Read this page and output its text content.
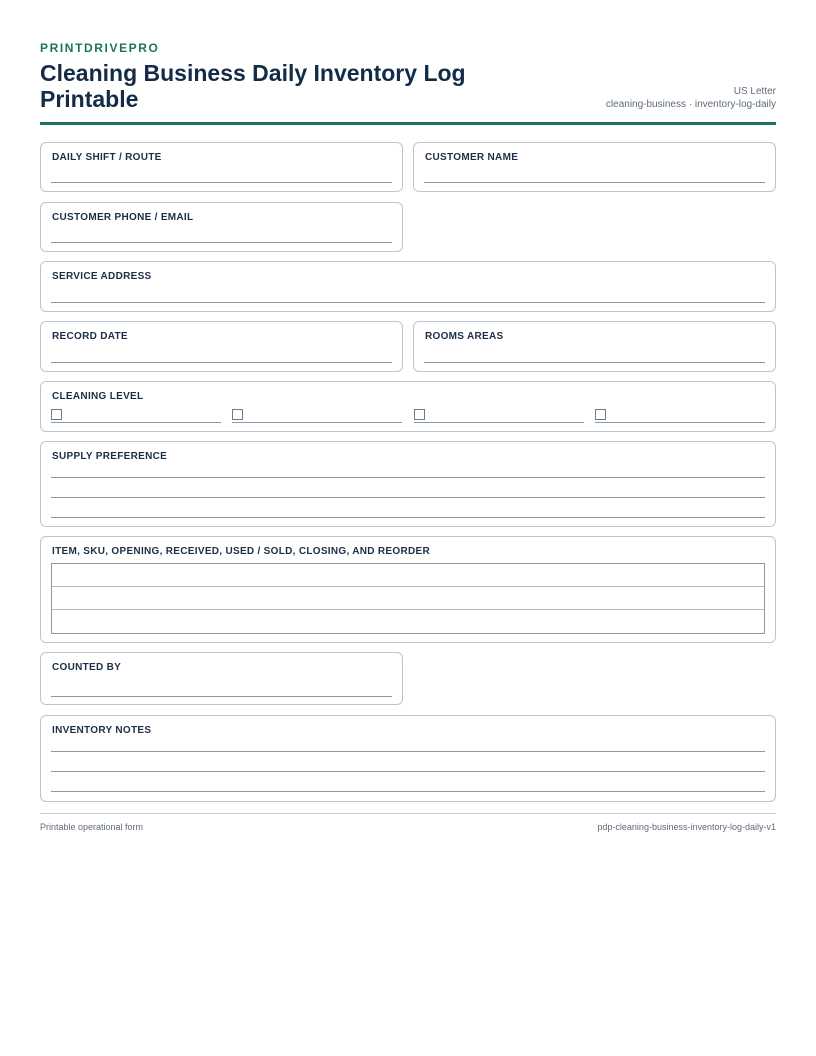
PRINTDRIVEPRO
Cleaning Business Daily Inventory Log Printable	US Letter
cleaning-business · inventory-log-daily
DAILY SHIFT / ROUTE	CUSTOMER NAME
CUSTOMER PHONE / EMAIL
SERVICE ADDRESS
RECORD DATE	ROOMS AREAS
CLEANING LEVEL
SUPPLY PREFERENCE
ITEM, SKU, OPENING, RECEIVED, USED / SOLD, CLOSING, AND REORDER
COUNTED BY
INVENTORY NOTES
Printable operational form	pdp-cleaning-business-inventory-log-daily-v1
